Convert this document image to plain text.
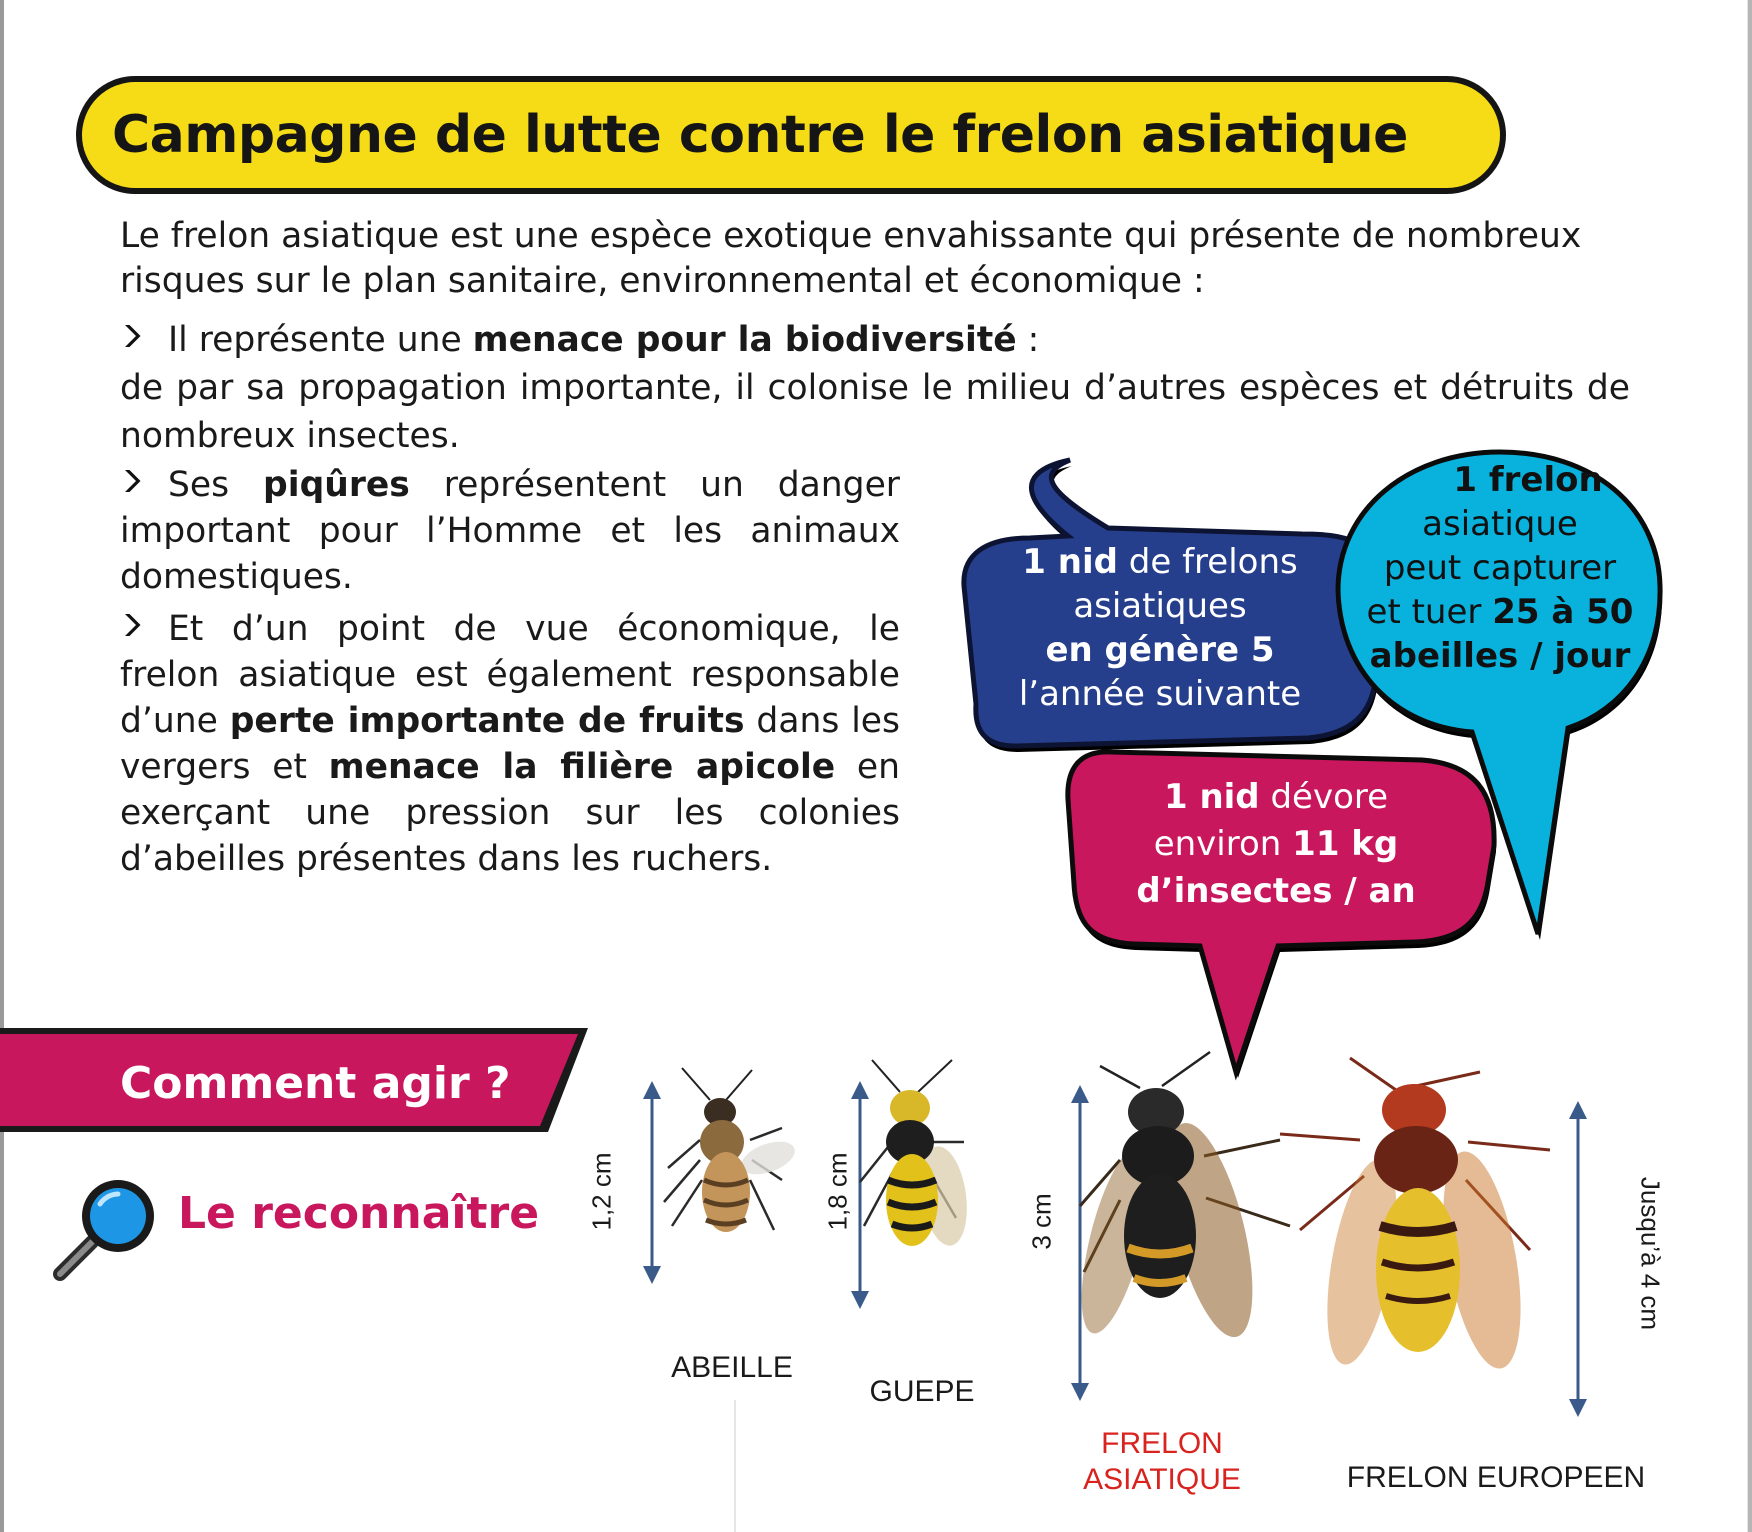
Campagne de lutte contre le frelon asiatique

Le frelon asiatique est une espèce exotique envahissante qui présente de nombreux risques sur le plan sanitaire, environnemental et économique :

Il représente une menace pour la biodiversité :

de par sa propagation importante, il colonise le milieu d’autres espèces et détruits de nombreux insectes.

Ses piqûres représentent un danger important pour l’Homme et les animaux domestiques.

Et d’un point de vue économique, le frelon asiatique est également responsable d’une perte importante de fruits dans les vergers et menace la filière apicole en exerçant une pression sur les colonies d’abeilles présentes dans les ruchers.

1 nid de frelons
asiatiques
en génère 5
l’année suivante
1 frelon
asiatique
peut capturer
et tuer 25 à 50
abeilles / jour
1 nid dévore
environ 11 kg
d’insectes / an
Comment agir ?
Le reconnaître 1,2 cm	1,8 cm	3 cm	Jusqu’à 4 cm
ABEILLE
GUEPE
FRELON
ASIATIQUE	FRELON EUROPEEN
